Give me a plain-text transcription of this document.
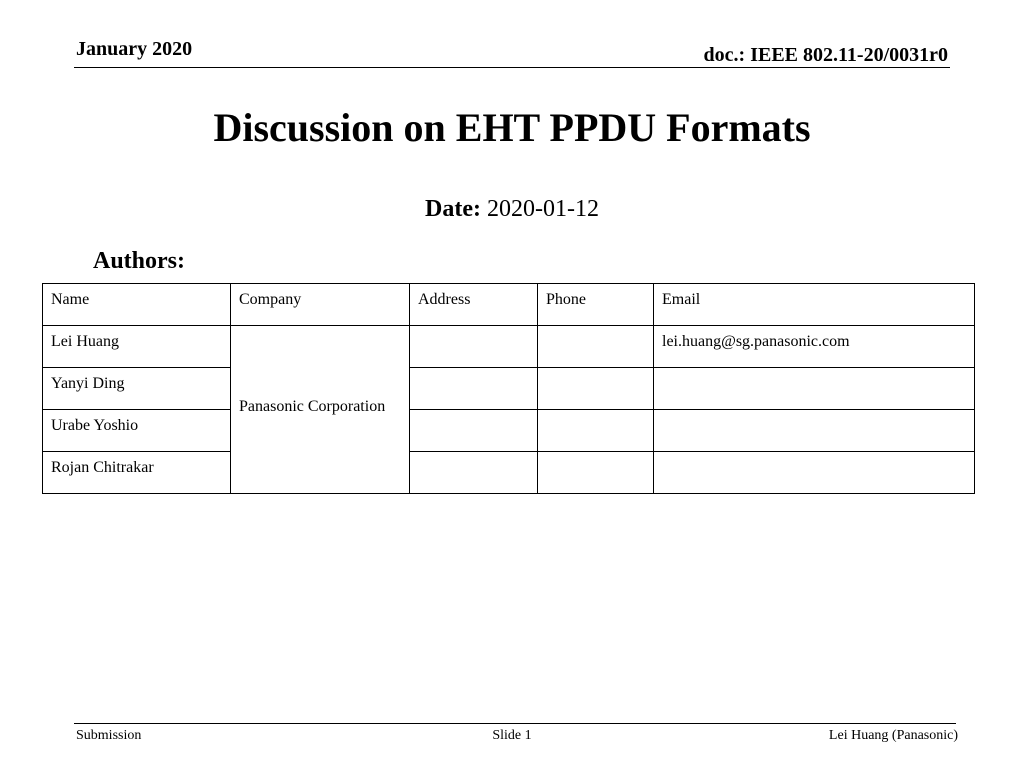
January 2020	doc.: IEEE 802.11-20/0031r0
Discussion on EHT PPDU Formats
Date: 2020-01-12
Authors:
Name	Company	Address	Phone	Email
Lei Huang	Panasonic Corporation			lei.huang@sg.panasonic.com
Yanyi Ding				
Urabe Yoshio				
Rojan Chitrakar				
Submission	Slide 1	Lei Huang (Panasonic)
